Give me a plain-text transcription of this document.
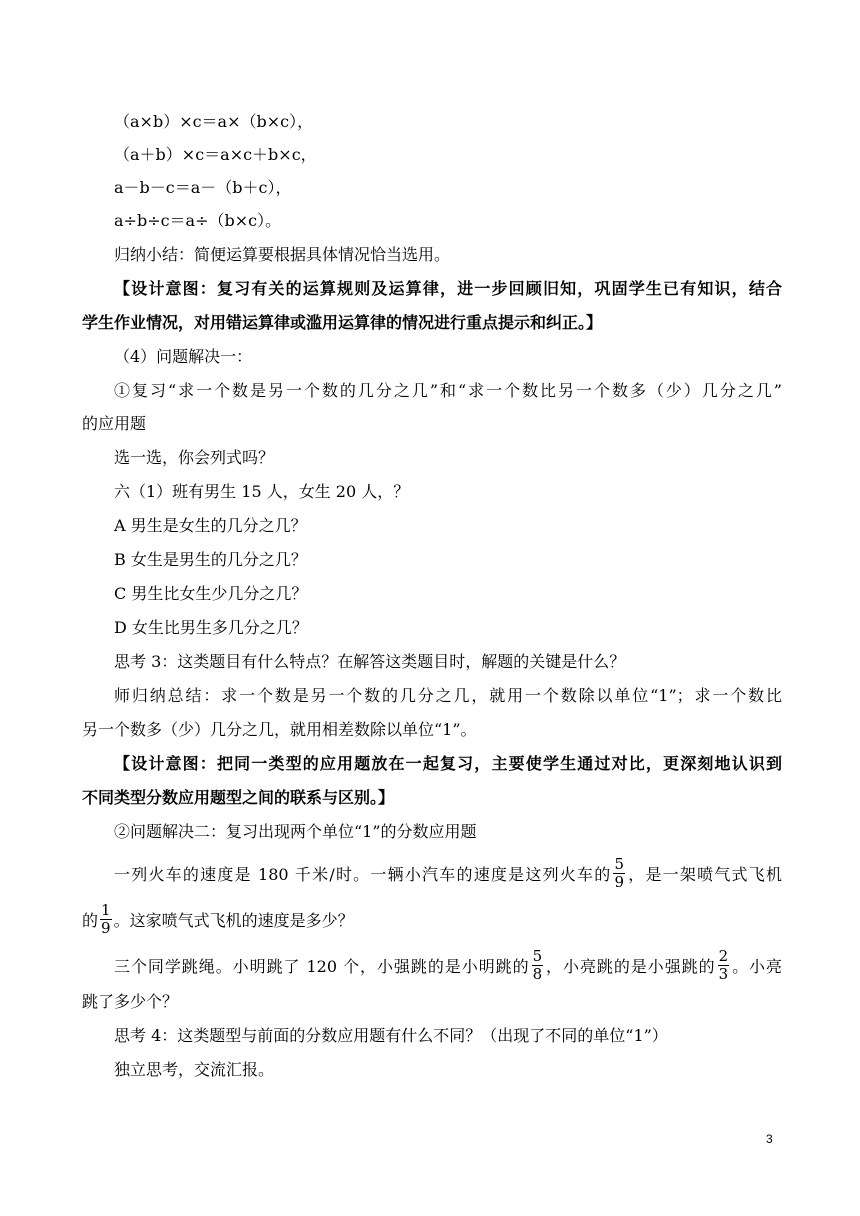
（a×b）×c＝a×（b×c），
（a＋b）×c＝a×c＋b×c，
a－b－c＝a－（b＋c），
a÷b÷c＝a÷（b×c）。
归纳小结：简便运算要根据具体情况恰当选用。
【设计意图：复习有关的运算规则及运算律，进一步回顾旧知，巩固学生已有知识，结合
学生作业情况，对用错运算律或滥用运算律的情况进行重点提示和纠正。】
（4）问题解决一：
①复习“求一个数是另一个数的几分之几”和“求一个数比另一个数多（少）几分之几”
的应用题
选一选，你会列式吗？
六（1）班有男生 15 人，女生 20 人，？
A 男生是女生的几分之几？
B 女生是男生的几分之几？
C 男生比女生少几分之几？
D 女生比男生多几分之几？
思考 3：这类题目有什么特点？在解答这类题目时，解题的关键是什么？
师归纳总结：求一个数是另一个数的几分之几，就用一个数除以单位“1”；求一个数比
另一个数多（少）几分之几，就用相差数除以单位“1”。
【设计意图：把同一类型的应用题放在一起复习，主要使学生通过对比，更深刻地认识到
不同类型分数应用题型之间的联系与区别。】
②问题解决二：复习出现两个单位“1”的分数应用题
一列火车的速度是 180 千米/时。一辆小汽车的速度是这列火车的 $\frac{5}{9}$ ，是一架喷气式飞机
的 $\frac{1}{9}$ 。这家喷气式飞机的速度是多少？
三个同学跳绳。小明跳了 120 个，小强跳的是小明跳的 $\frac{5}{8}$ ，小亮跳的是小强跳的 $\frac{2}{3}$ 。小亮
跳了多少个？
思考 4：这类题型与前面的分数应用题有什么不同？（出现了不同的单位“1”）
独立思考，交流汇报。
3
